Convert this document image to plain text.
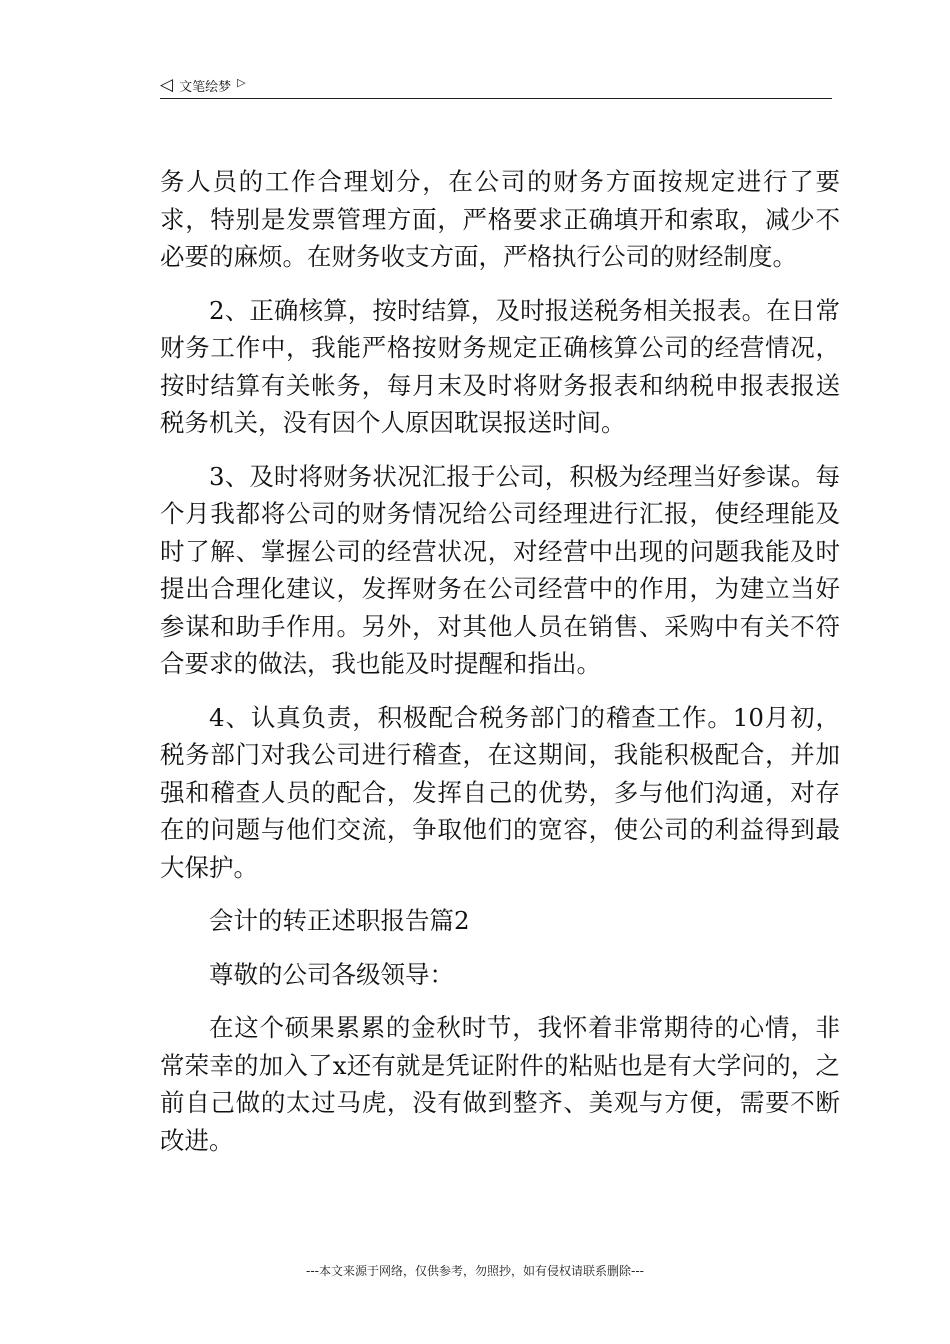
◁ 文笔绘梦 ▷

务人员的工作合理划分，在公司的财务方面按规定进行了要求，特别是发票管理方面，严格要求正确填开和索取，减少不必要的麻烦。在财务收支方面，严格执行公司的财经制度。

2、正确核算，按时结算，及时报送税务相关报表。在日常财务工作中，我能严格按财务规定正确核算公司的经营情况，按时结算有关帐务，每月末及时将财务报表和纳税申报表报送税务机关，没有因个人原因耽误报送时间。

3、及时将财务状况汇报于公司，积极为经理当好参谋。每个月我都将公司的财务情况给公司经理进行汇报，使经理能及时了解、掌握公司的经营状况，对经营中出现的问题我能及时提出合理化建议，发挥财务在公司经营中的作用，为建立当好参谋和助手作用。另外，对其他人员在销售、采购中有关不符合要求的做法，我也能及时提醒和指出。

4、认真负责，积极配合税务部门的稽查工作。10月初，税务部门对我公司进行稽查，在这期间，我能积极配合，并加强和稽查人员的配合，发挥自己的优势，多与他们沟通，对存在的问题与他们交流，争取他们的宽容，使公司的利益得到最大保护。

会计的转正述职报告篇2

尊敬的公司各级领导：

在这个硕果累累的金秋时节，我怀着非常期待的心情，非常荣幸的加入了x还有就是凭证附件的粘贴也是有大学问的，之前自己做的太过马虎，没有做到整齐、美观与方便，需要不断改进。

---本文来源于网络，仅供参考，勿照抄，如有侵权请联系删除---
